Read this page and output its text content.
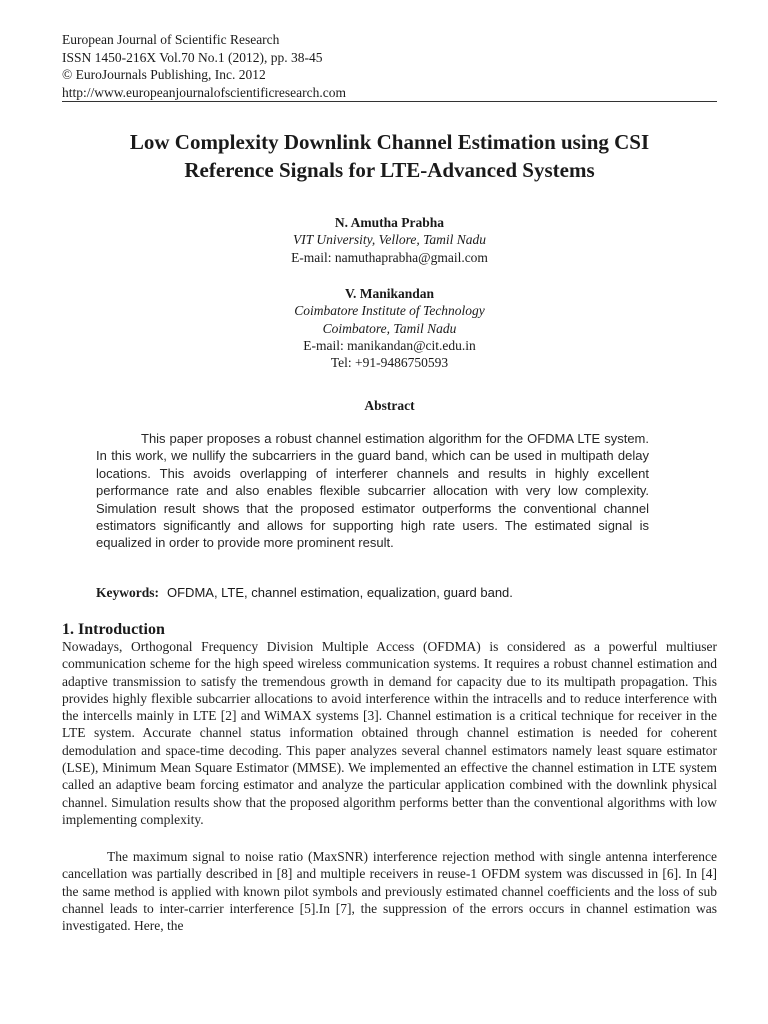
European Journal of Scientific Research
ISSN 1450-216X Vol.70 No.1 (2012), pp. 38-45
© EuroJournals Publishing, Inc. 2012
http://www.europeanjournalofscientificresearch.com
Low Complexity Downlink Channel Estimation using CSI
Reference Signals for LTE-Advanced Systems
N. Amutha Prabha
VIT University, Vellore, Tamil Nadu
E-mail: namuthaprabha@gmail.com
V. Manikandan
Coimbatore Institute of Technology
Coimbatore, Tamil Nadu
E-mail: manikandan@cit.edu.in
Tel: +91-9486750593
Abstract
This paper proposes a robust channel estimation algorithm for the OFDMA LTE system. In this work, we nullify the subcarriers in the guard band, which can be used in multipath delay locations. This avoids overlapping of interferer channels and results in highly excellent performance rate and also enables flexible subcarrier allocation with very low complexity. Simulation result shows that the proposed estimator outperforms the conventional channel estimators significantly and allows for supporting high rate users. The estimated signal is equalized in order to provide more prominent result.
Keywords: OFDMA, LTE, channel estimation, equalization, guard band.
1. Introduction
Nowadays, Orthogonal Frequency Division Multiple Access (OFDMA) is considered as a powerful multiuser communication scheme for the high speed wireless communication systems. It requires a robust channel estimation and adaptive transmission to satisfy the tremendous growth in demand for capacity due to its multipath propagation. This provides highly flexible subcarrier allocations to avoid interference within the intracells and to reduce interference with the intercells mainly in LTE [2] and WiMAX systems [3]. Channel estimation is a critical technique for receiver in the LTE system. Accurate channel status information obtained through channel estimation is needed for coherent demodulation and space-time decoding. This paper analyzes several channel estimators namely least square estimator (LSE), Minimum Mean Square Estimator (MMSE). We implemented an effective the channel estimation in LTE system called an adaptive beam forcing estimator and analyze the particular application combined with the downlink physical channel. Simulation results show that the proposed algorithm performs better than the conventional algorithms with low implementing complexity.
The maximum signal to noise ratio (MaxSNR) interference rejection method with single antenna interference cancellation was partially described in [8] and multiple receivers in reuse-1 OFDM system was discussed in [6]. In [4] the same method is applied with known pilot symbols and previously estimated channel coefficients and the loss of sub channel leads to inter-carrier interference [5].In [7], the suppression of the errors occurs in channel estimation was investigated. Here, the
